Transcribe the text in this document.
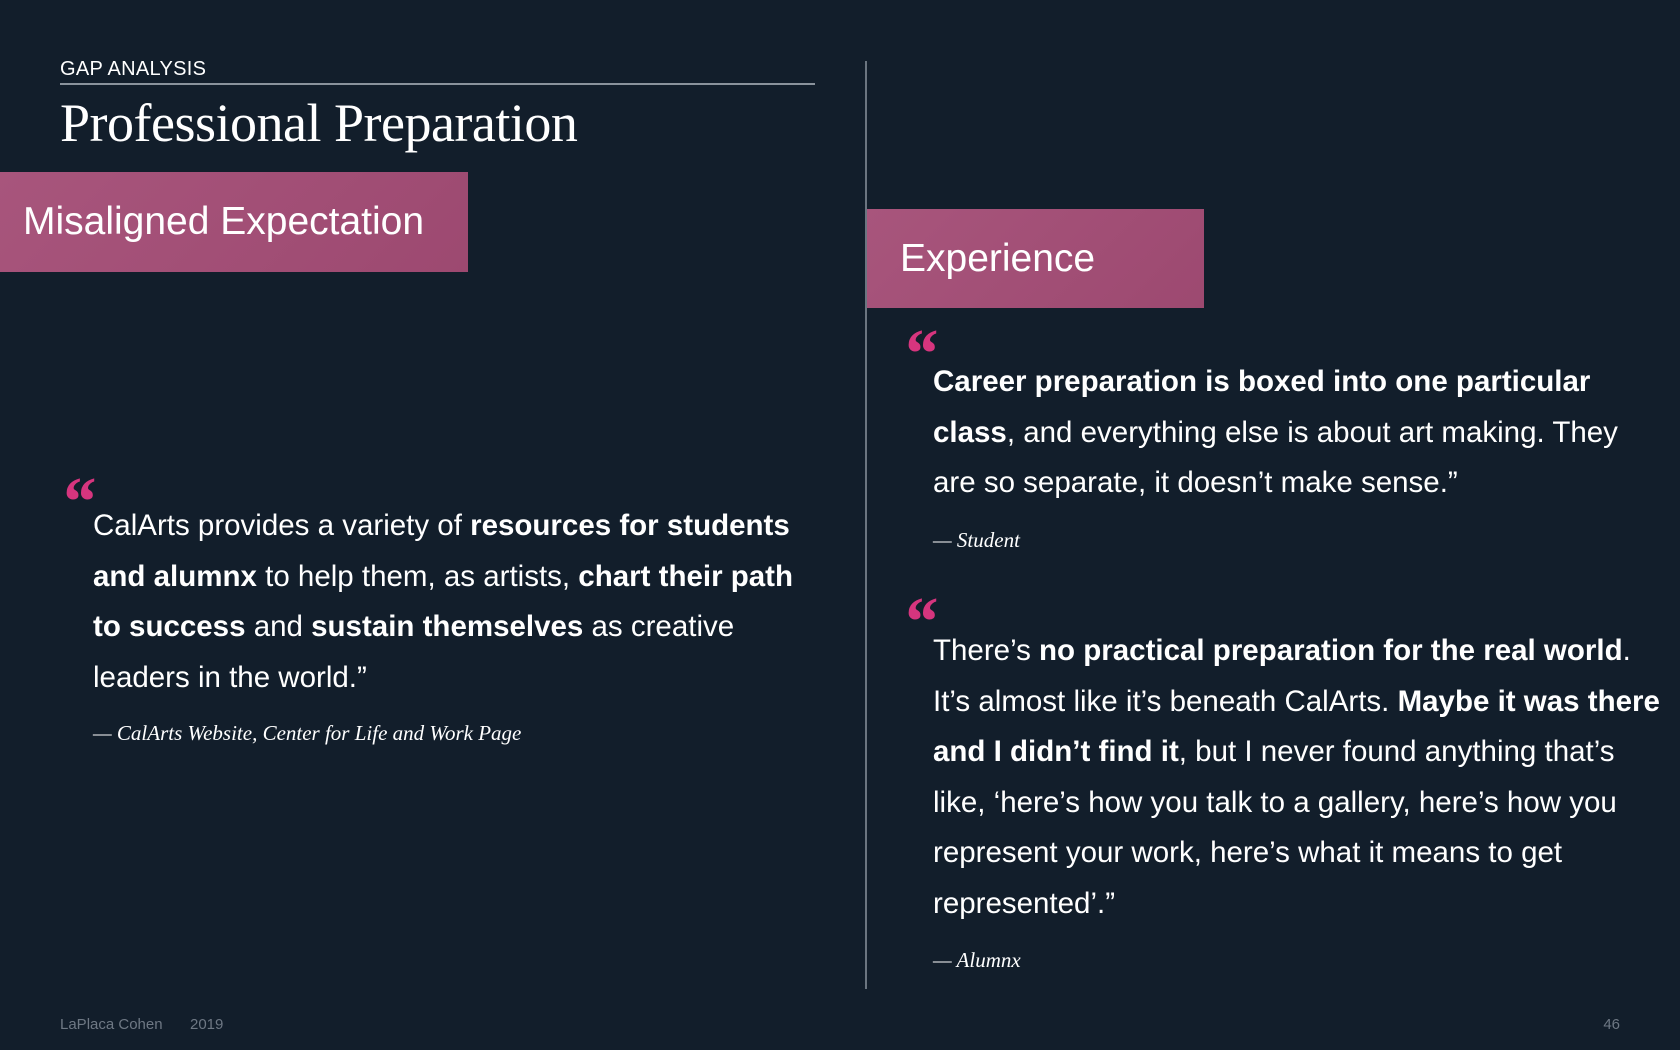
GAP ANALYSIS
Professional Preparation
Misaligned Expectation
“

CalArts provides a variety of resources for students and alumnx to help them, as artists, chart their path to success and sustain themselves as creative leaders in the world.”

— CalArts Website, Center for Life and Work Page
Experience
“

Career preparation is boxed into one particular class, and everything else is about art making. They are so separate, it doesn’t make sense.”

— Student
“

There’s no practical preparation for the real world. It’s almost like it’s beneath CalArts. Maybe it was there and I didn’t find it, but I never found anything that’s like, ‘here’s how you talk to a gallery, here’s how you represent your work, here’s what it means to get represented’.”

— Alumnx
LaPlaca Cohen 2019	46
